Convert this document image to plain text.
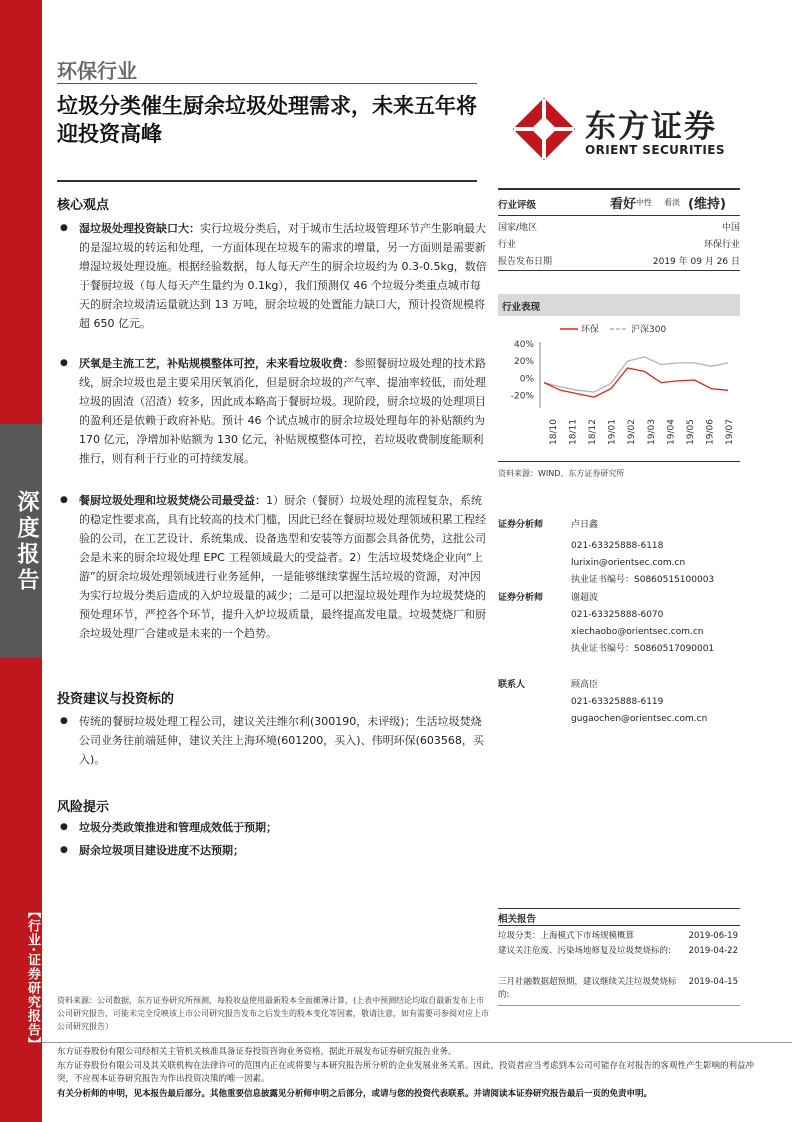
深度报告
【行业·证券研究报告】
环保行业
垃圾分类催生厨余垃圾处理需求，未来五年将迎投资高峰	东方证券
ORIENT SECURITIES
核心观点
● 湿垃圾处理投资缺口大：实行垃圾分类后，对于城市生活垃圾管理环节产生影响最大的是湿垃圾的转运和处理，一方面体现在垃圾车的需求的增量，另一方面则是需要新增湿垃圾处理设施。根据经验数据，每人每天产生的厨余垃圾约为 0.3-0.5kg，数倍于餐厨垃圾（每人每天产生量约为 0.1kg），我们预测仅 46 个垃圾分类重点城市每天的厨余垃圾清运量就达到 13 万吨，厨余垃圾的处置能力缺口大，预计投资规模将超 650 亿元。
● 厌氧是主流工艺，补贴规模整体可控，未来看垃圾收费：参照餐厨垃圾处理的技术路线，厨余垃圾也是主要采用厌氧消化，但是厨余垃圾的产气率、提油率较低，而处理垃圾的固渣（沼渣）较多，因此成本略高于餐厨垃圾。现阶段，厨余垃圾的处理项目的盈利还是依赖于政府补贴。预计 46 个试点城市的厨余垃圾处理每年的补贴额约为 170 亿元，净增加补贴额为 130 亿元，补贴规模整体可控，若垃圾收费制度能顺利推行，则有利于行业的可持续发展。
● 餐厨垃圾处理和垃圾焚烧公司最受益：1）厨余（餐厨）垃圾处理的流程复杂，系统的稳定性要求高，具有比较高的技术门槛，因此已经在餐厨垃圾处理领域积累工程经验的公司，在工艺设计、系统集成、设备选型和安装等方面都会具备优势，这批公司会是未来的厨余垃圾处理 EPC 工程领域最大的受益者。2）生活垃圾焚烧企业向“上游”的厨余垃圾处理领域进行业务延伸，一是能够继续掌握生活垃圾的资源，对冲因为实行垃圾分类后造成的入炉垃圾量的减少；二是可以把湿垃圾处理作为垃圾焚烧的预处理环节，严控各个环节，提升入炉垃圾质量，最终提高发电量。垃圾焚烧厂和厨余垃圾处理厂合建或是未来的一个趋势。
投资建议与投资标的
● 传统的餐厨垃圾处理工程公司，建议关注维尔利(300190，未评级)；生活垃圾焚烧公司业务往前端延伸，建议关注上海环境(601200，买入)、伟明环保(603568，买入)。
风险提示
● 垃圾分类政策推进和管理成效低于预期；
● 厨余垃圾项目建设进度不达预期；
行业评级	看好 中性 看淡 (维持)
国家/地区	中国
行业	环保行业
报告发布日期	2019 年 09 月 26 日
行业表现
40%
20%
0%
-20%
18/10 18/11 18/12 19/01 19/02 19/03 19/04 19/05 19/06 19/07
环保	沪深300
资料来源：WIND、东方证券研究所
证券分析师	卢日鑫
021-63325888-6118
lurixin@orientsec.com.cn
执业证书编号：S0860515100003
证券分析师	谢超波
021-63325888-6070
xiechaobo@orientsec.com.cn
执业证书编号：S0860517090001
联系人	顾高臣
021-63325888-6119
gugaochen@orientsec.com.cn
相关报告
垃圾分类：上海模式下市场规模概算	2019-06-19
建议关注危废、污染场地修复及垃圾焚烧标的:	2019-04-22
三月社融数据超预期，建议继续关注垃圾焚烧标的:
2019-04-15
资料来源：公司数据，东方证券研究所预测，每股收益使用最新股本全面摊薄计算，(上表中预测结论均取自最新发布上市公司研究报告，可能未完全反映该上市公司研究报告发布之后发生的股本变化等因素，敬请注意，如有需要可参阅对应上市公司研究报告）
东方证券股份有限公司经相关主管机关核准具备证券投资咨询业务资格，据此开展发布证券研究报告业务。
东方证券股份有限公司及其关联机构在法律许可的范围内正在或将要与本研究报告所分析的企业发展业务关系。因此，投资者应当考虑到本公司可能存在对报告的客观性产生影响的利益冲突，不应视本证券研究报告为作出投资决策的唯一因素。
有关分析师的申明，见本报告最后部分。其他重要信息披露见分析师申明之后部分，或请与您的投资代表联系。并请阅读本证券研究报告最后一页的免责申明。
